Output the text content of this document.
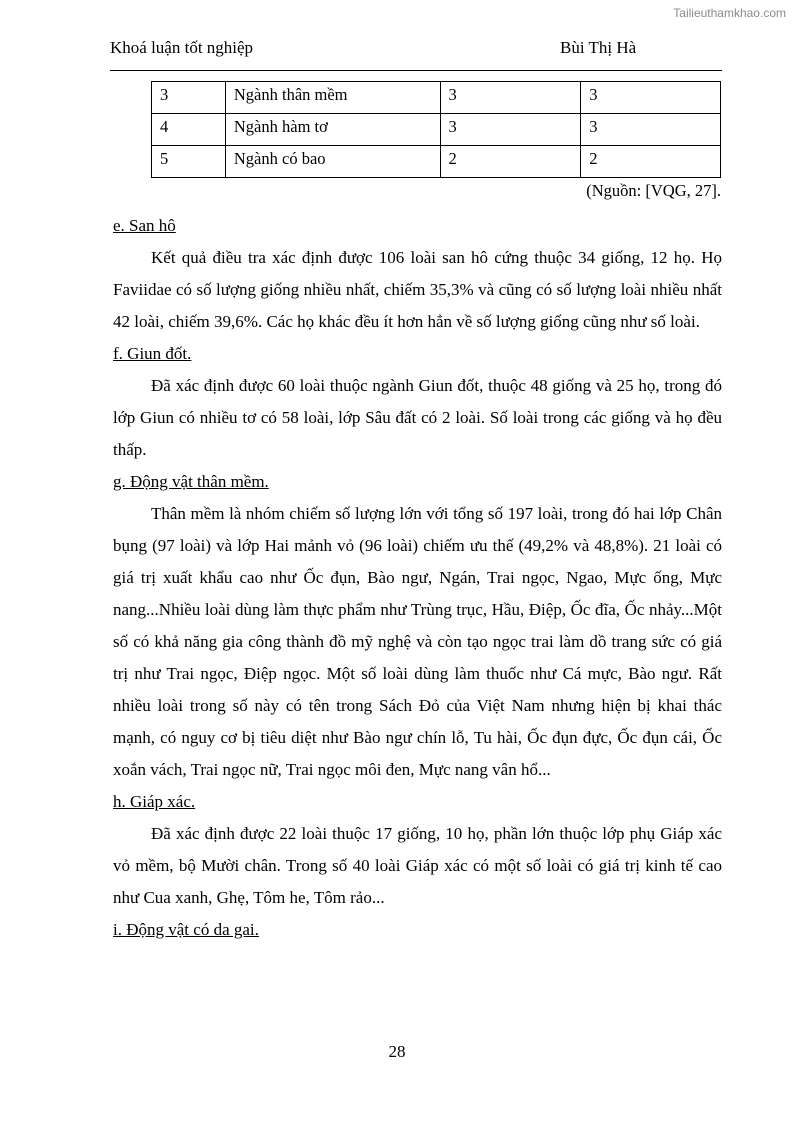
Tailieuthamkhao.com
Khoá luận tốt nghiệp	Bùi Thị Hà
3	Ngành thân mềm	3	3
4	Ngành hàm tơ	3	3
5	Ngành có bao	2	2
(Nguồn: [VQG, 27].
e. San hô
Kết quả điều tra xác định được 106 loài san hô cứng thuộc 34 giống, 12 họ. Họ Faviidae có số lượng giống nhiều nhất, chiếm 35,3% và cũng có số lượng loài nhiều nhất 42 loài, chiếm 39,6%. Các họ khác đều ít hơn hẳn về số lượng giống cũng như số loài.
f. Giun đốt.
Đã xác định được 60 loài thuộc ngành Giun đốt, thuộc 48 giống và 25 họ, trong đó lớp Giun có nhiều tơ có 58 loài, lớp Sâu đất có 2 loài. Số loài trong các giống và họ đều thấp.
g. Động vật thân mềm.
Thân mềm là nhóm chiếm số lượng lớn với tổng số 197 loài, trong đó hai lớp Chân bụng (97 loài) và lớp Hai mảnh vỏ (96 loài) chiếm ưu thế (49,2% và 48,8%). 21 loài có giá trị xuất khẩu cao như Ốc đụn, Bào ngư, Ngán, Trai ngọc, Ngao, Mực ống, Mực nang...Nhiều loài dùng làm thực phẩm như Trùng trục, Hầu, Điệp, Ốc đĩa, Ốc nhảy...Một số có khả năng gia công thành đồ mỹ nghệ và còn tạo ngọc trai làm dồ trang sức có giá trị như Trai ngọc, Điệp ngọc. Một số loài dùng làm thuốc như Cá mực, Bào ngư. Rất nhiều loài trong số này có tên trong Sách Đỏ của Việt Nam nhưng hiện bị khai thác mạnh, có nguy cơ bị tiêu diệt như Bào ngư chín lỗ, Tu hài, Ốc đụn đực, Ốc đụn cái, Ốc xoắn vách, Trai ngọc nữ, Trai ngọc môi đen, Mực nang vân hổ...
h. Giáp xác.
Đã xác định được 22 loài thuộc 17 giống, 10 họ, phần lớn thuộc lớp phụ Giáp xác vỏ mềm, bộ Mười chân. Trong số 40 loài Giáp xác có một số loài có giá trị kinh tế cao như Cua xanh, Ghẹ, Tôm he, Tôm rảo...
i. Động vật có da gai.
28
